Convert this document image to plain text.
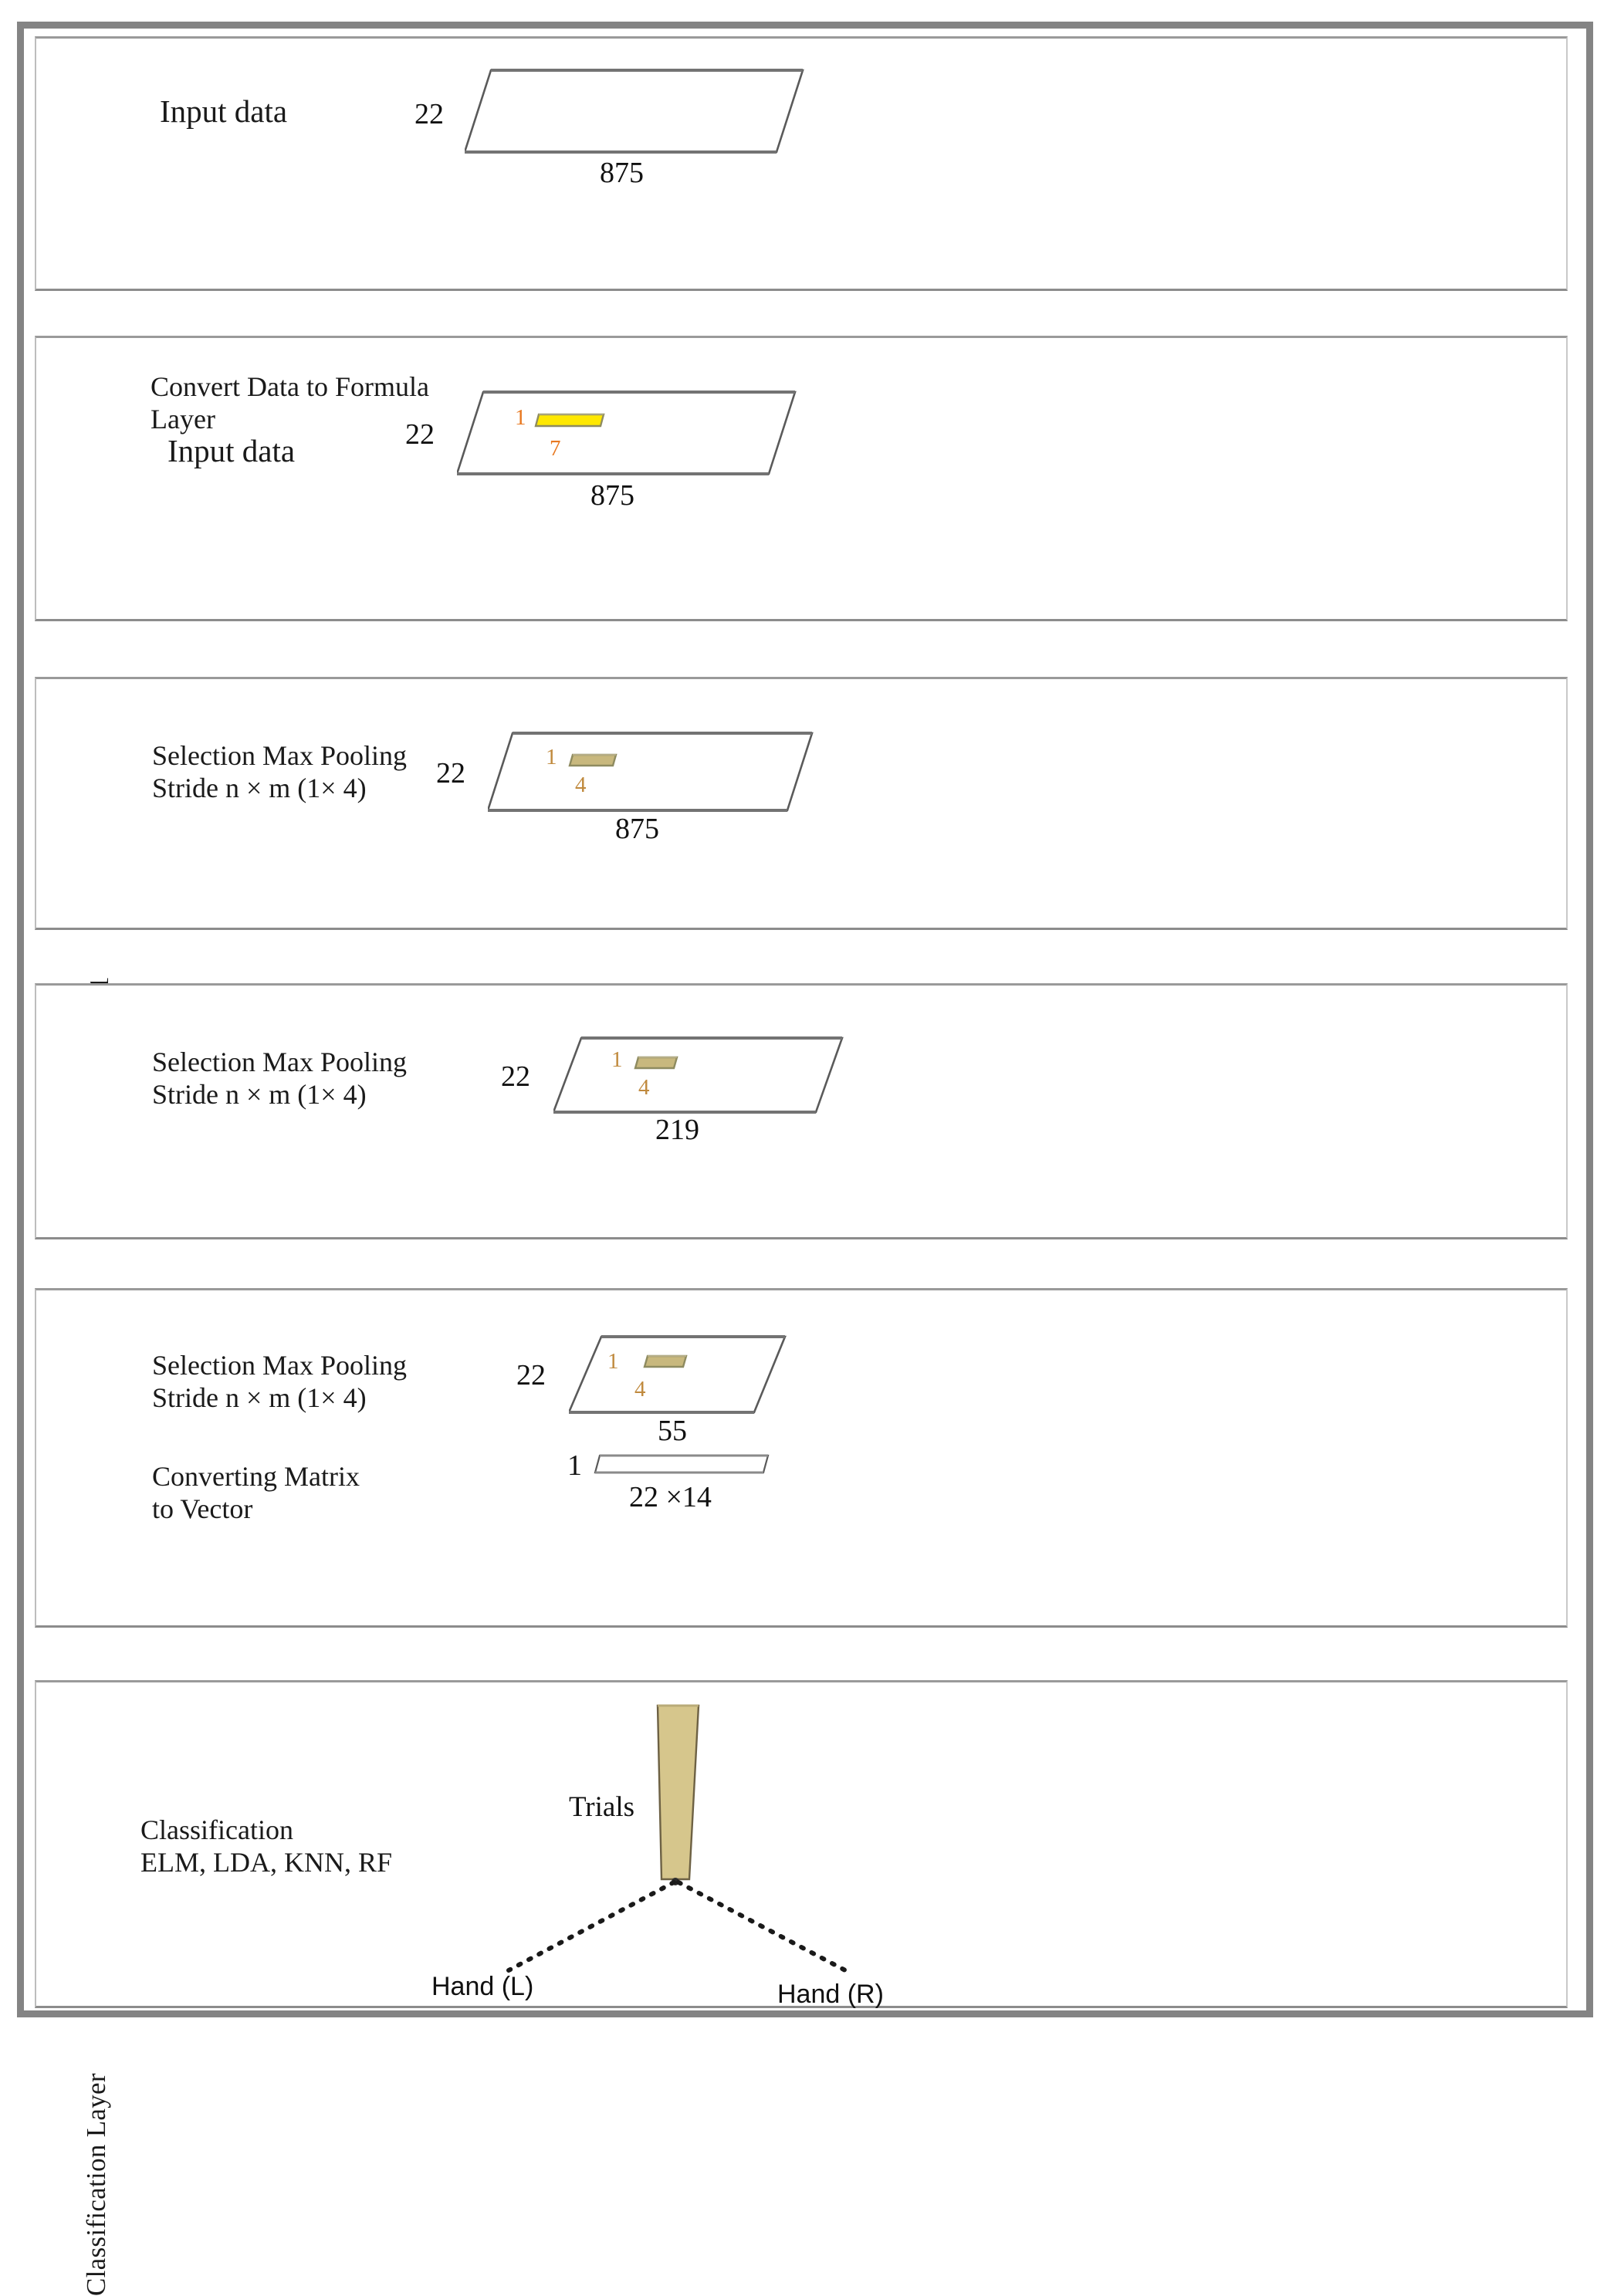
Input data	22
875
Convert Data to Formula
Layer
Input data	22
875
1
7
Selection Max Pooling
Stride n × m (1× 4)	22
875
1
4
Selection Max Pooling
Stride n × m (1× 4)
22
219
1
4
Selection Max Pooling
Stride n × m (1× 4)
Converting Matrix
to Vector
22
55
1
4
1
22 ×14
Classification Layer
Classification
ELM, LDA, KNN, RF
Trials
Hand (L)	Hand (R)
